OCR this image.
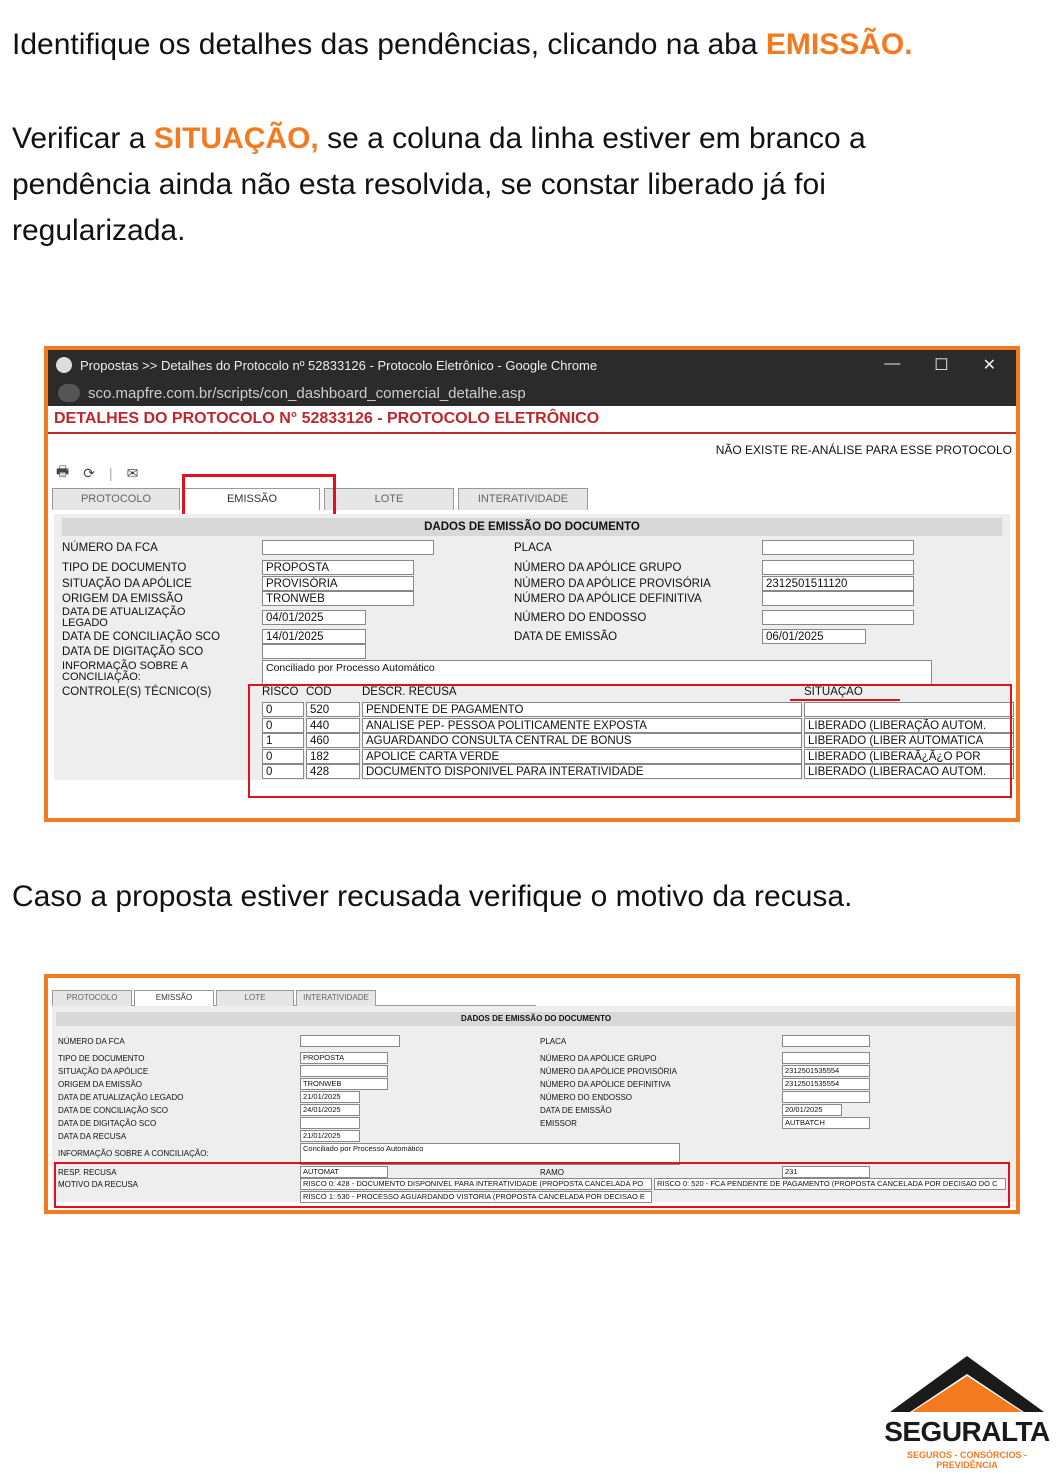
Identifique os detalhes das pendências, clicando na aba EMISSÃO.
Verificar a SITUAÇÃO, se a coluna da linha estiver em branco a
pendência ainda não esta resolvida, se constar liberado já foi
regularizada.
Propostas >> Detalhes do Protocolo nº 52833126 - Protocolo Eletrônico - Google Chrome	— ☐ ✕
sco.mapfre.com.br/scripts/con_dashboard_comercial_detalhe.asp
DETALHES DO PROTOCOLO N° 52833126 - PROTOCOLO ELETRÔNICO
NÃO EXISTE RE-ANÁLISE PARA ESSE PROTOCOLO
🖶 ⟳ | ✉
PROTOCOLO	EMISSÃO	LOTE	INTERATIVIDADE
DADOS DE EMISSÃO DO DOCUMENTO
NÚMERO DA FCA	PLACA
TIPO DE DOCUMENTO	PROPOSTA	NÚMERO DA APÓLICE GRUPO
SITUAÇÃO DA APÓLICE	PROVISÓRIA	NÚMERO DA APÓLICE PROVISÓRIA	2312501511120
ORIGEM DA EMISSÃO	TRONWEB	NÚMERO DA APÓLICE DEFINITIVA
DATA DE ATUALIZAÇÃO LEGADO	04/01/2025	NÚMERO DO ENDOSSO
DATA DE CONCILIAÇÃO SCO	14/01/2025	DATA DE EMISSÃO	06/01/2025
DATA DE DIGITAÇÃO SCO
INFORMAÇÃO SOBRE A CONCILIAÇÃO:
Conciliado por Processo Automático
CONTROLE(S) TÉCNICO(S)	RISCO CÓD	DESCR. RECUSA	SITUAÇÃO
0	520	PENDENTE DE PAGAMENTO
0	440	ANALISE PEP- PESSOA POLITICAMENTE EXPOSTA	LIBERADO (LIBERAÇÃO AUTOM.
1	460	AGUARDANDO CONSULTA CENTRAL DE BONUS	LIBERADO (LIBER AUTOMATICA
0	182	APOLICE CARTA VERDE	LIBERADO (LIBERAÃ¿Ã¿O POR
0	428	DOCUMENTO DISPONIVEL PARA INTERATIVIDADE	LIBERADO (LIBERACAO AUTOM.
Caso a proposta estiver recusada verifique o motivo da recusa.
PROTOCOLO	EMISSÃO	LOTE	INTERATIVIDADE
DADOS DE EMISSÃO DO DOCUMENTO
NÚMERO DA FCA	PLACA
TIPO DE DOCUMENTO	PROPOSTA	NÚMERO DA APÓLICE GRUPO
SITUAÇÃO DA APÓLICE	NÚMERO DA APÓLICE PROVISÓRIA	2312501535554
ORIGEM DA EMISSÃO	TRONWEB	NÚMERO DA APÓLICE DEFINITIVA	2312501535554
DATA DE ATUALIZAÇÃO LEGADO	21/01/2025	NÚMERO DO ENDOSSO
DATA DE CONCILIAÇÃO SCO	24/01/2025	DATA DE EMISSÃO	20/01/2025
DATA DE DIGITAÇÃO SCO	EMISSOR	AUTBATCH
DATA DA RECUSA	21/01/2025
INFORMAÇÃO SOBRE A CONCILIAÇÃO:
Conciliado por Processo Automático
RESP. RECUSA	AUTOMAT	RAMO	231
MOTIVO DA RECUSA	RISCO 0: 428 - DOCUMENTO DISPONIVEL PARA INTERATIVIDADE (PROPOSTA CANCELADA PO	RISCO 0: 520 - FCA PENDENTE DE PAGAMENTO (PROPOSTA CANCELADA POR DECISAO DO C
RISCO 1: 530 - PROCESSO AGUARDANDO VISTORIA (PROPOSTA CANCELADA POR DECISAO E
SEGURALTA
SEGUROS - CONSÓRCIOS - PREVIDÊNCIA
